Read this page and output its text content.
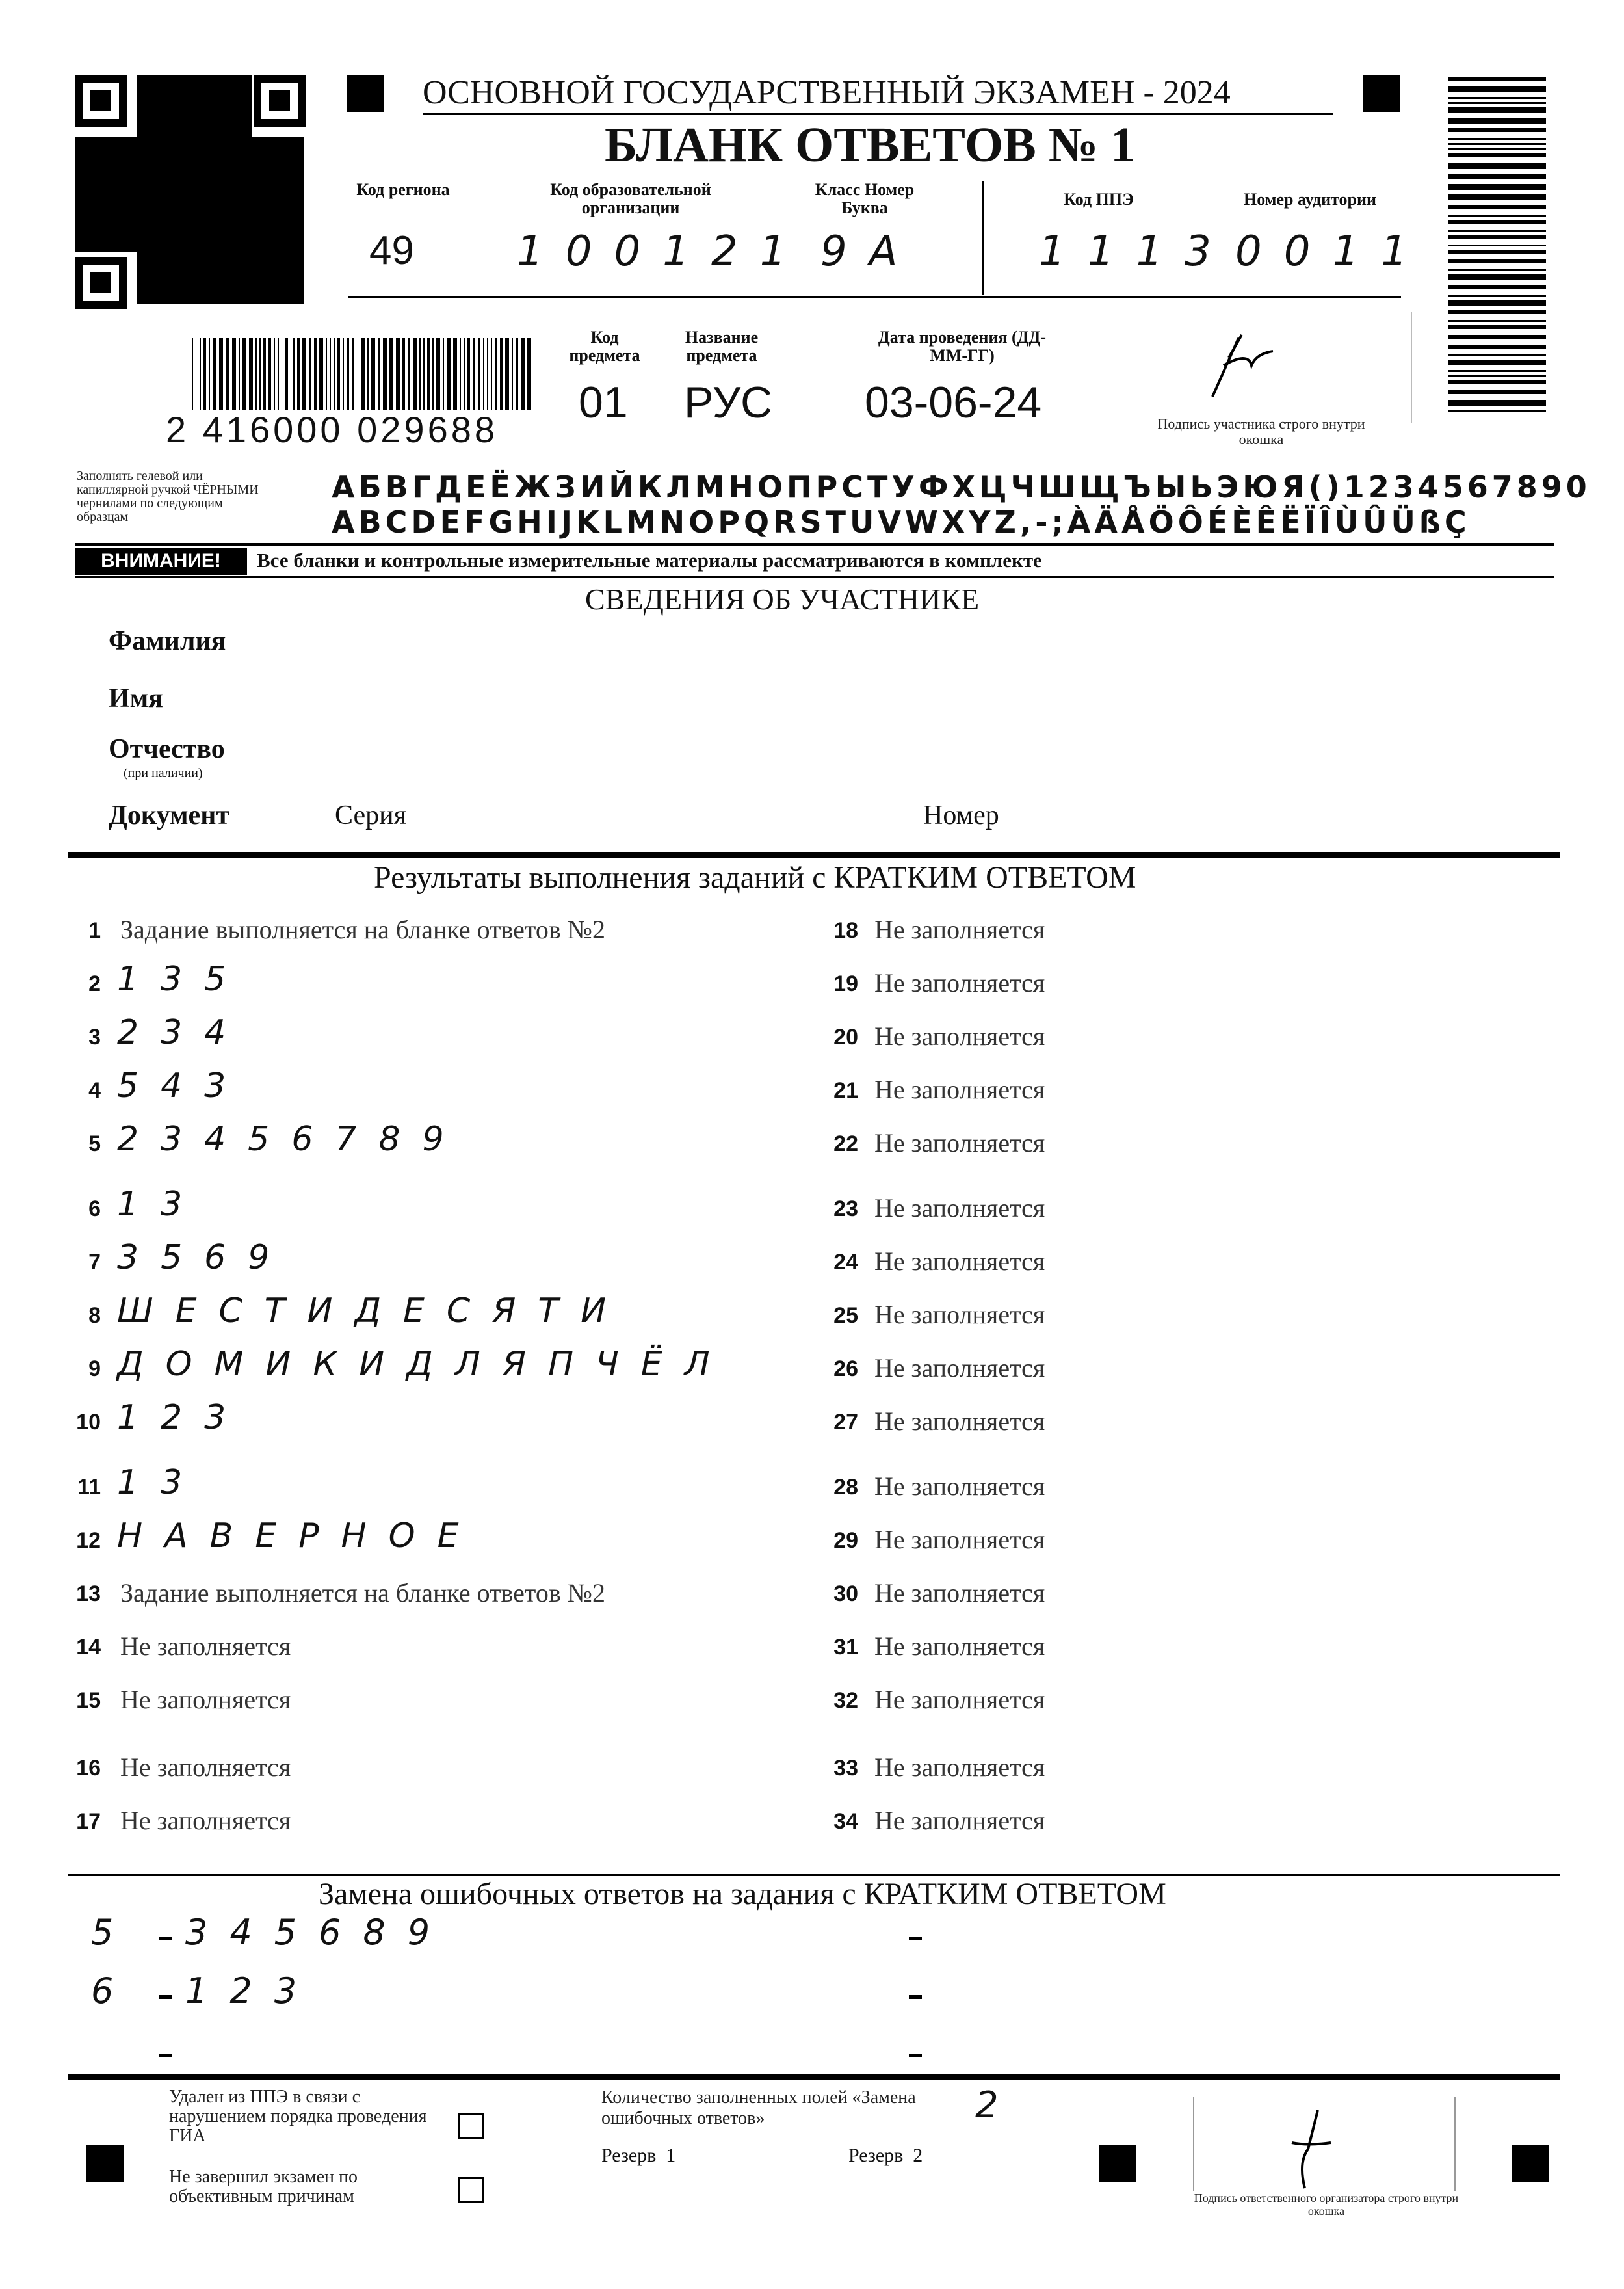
ОСНОВНОЙ ГОСУДАРСТВЕННЫЙ ЭКЗАМЕН - 2024
БЛАНК ОТВЕТОВ № 1
Код региона
49
Код образовательной организации
100121
Класс Номер Буква
9A
Код ППЭ
1113
Номер аудитории
0011
2 416000 029688
Код предмета
01
Название предмета
РУС
Дата проведения (ДД-ММ-ГГ)
03-06-24	Подпись участника строго внутри окошка
Заполнять гелевой или капиллярной ручкой ЧЁРНЫМИ чернилами по следующим образцам
АБВГДЕЁЖЗИЙКЛМНОПРСТУФХЦЧШЩЪЫЬЭЮЯ()1234567890
ABCDEFGHIJKLMNOPQRSTUVWXYZ,-;ÀÄÅÖÔÉÈÊËÏÎÙÛÜßÇ
ВНИМАНИЕ!	Все бланки и контрольные измерительные материалы рассматриваются в комплекте
СВЕДЕНИЯ ОБ УЧАСТНИКЕ
Фамилия
Имя
Отчество
(при наличии)
Документ	Серия	Номер
Результаты выполнения заданий с КРАТКИМ ОТВЕТОМ
1 Задание выполняется на бланке ответов №2
2 135
3 234
4 543
5 23456789
6 13
7 3569
8 ШЕСТИДЕСЯТИ
9 ДОМИКИДЛЯПЧЁЛ
10 123
11 13
12 НАВЕРНОЕ
13 Задание выполняется на бланке ответов №2
14 Не заполняется
15 Не заполняется
16 Не заполняется
17 Не заполняется
18 Не заполняется
19 Не заполняется
20 Не заполняется
21 Не заполняется
22 Не заполняется
23 Не заполняется
24 Не заполняется
25 Не заполняется
26 Не заполняется
27 Не заполняется
28 Не заполняется
29 Не заполняется
30 Не заполняется
31 Не заполняется
32 Не заполняется
33 Не заполняется
34 Не заполняется
Замена ошибочных ответов на задания с КРАТКИМ ОТВЕТОМ
5 345689
6 123
Удален из ППЭ в связи с нарушением порядка проведения ГИА
Не завершил экзамен по объективным причинам
Количество заполненных полей «Замена ошибочных ответов»	2
Резерв  1	Резерв  2
Подпись ответственного организатора строго внутри окошка
